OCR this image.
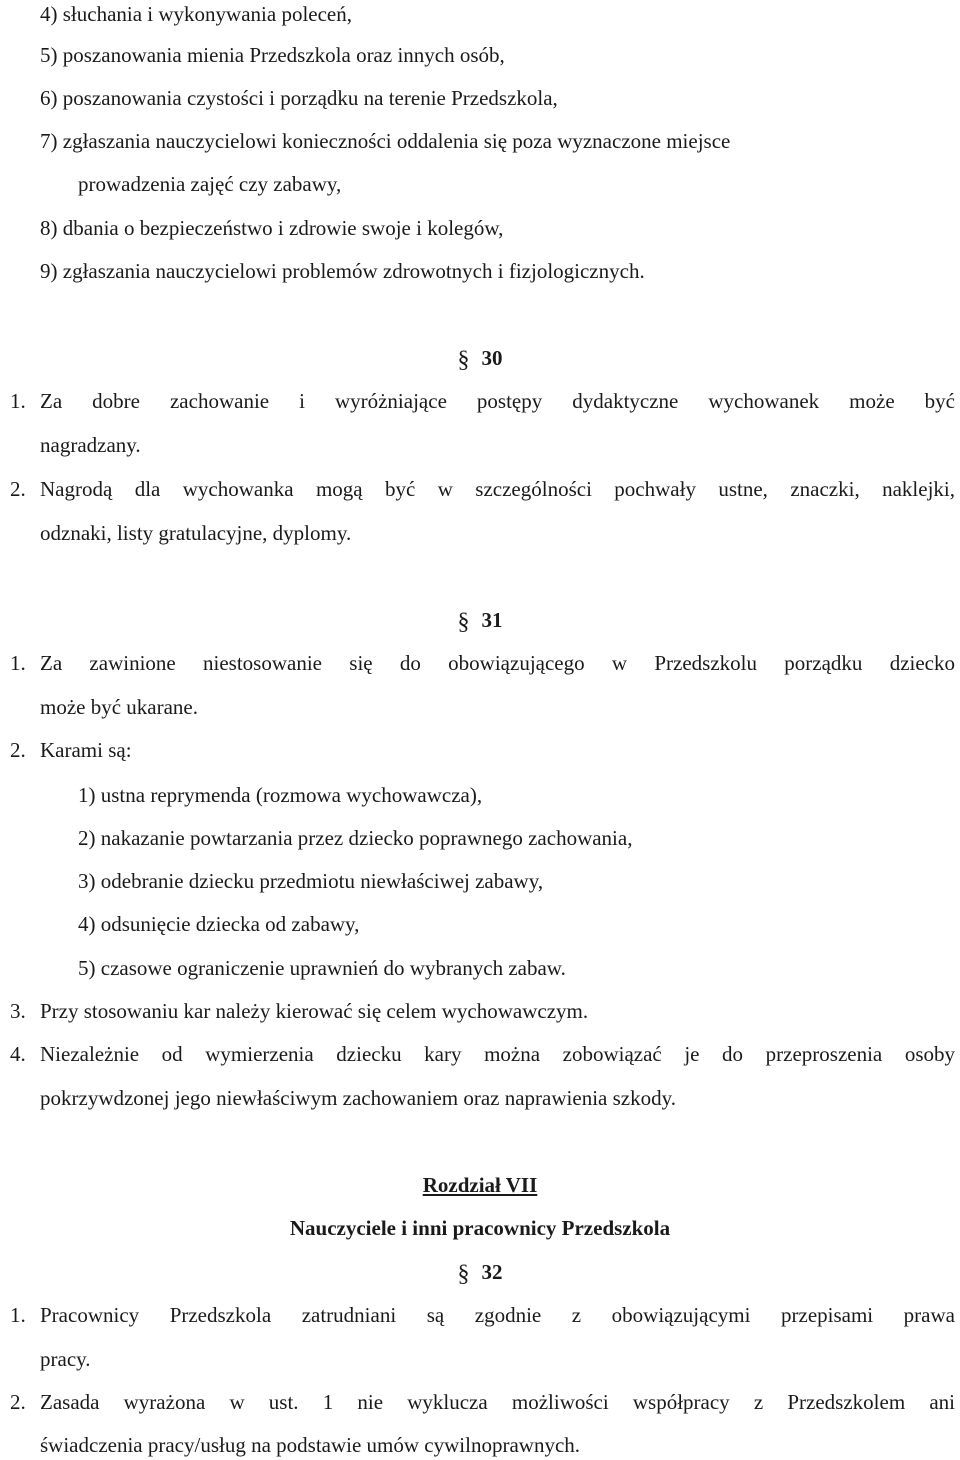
4) słuchania i wykonywania poleceń,
5) poszanowania mienia Przedszkola oraz innych osób,
6) poszanowania czystości i porządku na terenie Przedszkola,
7) zgłaszania nauczycielowi konieczności oddalenia się poza wyznaczone miejsce
prowadzenia zajęć czy zabawy,
8) dbania o bezpieczeństwo i zdrowie swoje i kolegów,
9) zgłaszania nauczycielowi problemów zdrowotnych i fizjologicznych.
§ 30
1. Za dobre zachowanie i wyróżniające postępy dydaktyczne wychowanek może być
nagradzany.
2. Nagrodą dla wychowanka mogą być w szczególności pochwały ustne, znaczki, naklejki,
odznaki, listy gratulacyjne, dyplomy.
§ 31
1. Za zawinione niestosowanie się do obowiązującego w Przedszkolu porządku dziecko
może być ukarane.
2. Karami są:
1) ustna reprymenda (rozmowa wychowawcza),
2) nakazanie powtarzania przez dziecko poprawnego zachowania,
3) odebranie dziecku przedmiotu niewłaściwej zabawy,
4) odsunięcie dziecka od zabawy,
5) czasowe ograniczenie uprawnień do wybranych zabaw.
3. Przy stosowaniu kar należy kierować się celem wychowawczym.
4. Niezależnie od wymierzenia dziecku kary można zobowiązać je do przeproszenia osoby
pokrzywdzonej jego niewłaściwym zachowaniem oraz naprawienia szkody.
Rozdział VII
Nauczyciele i inni pracownicy Przedszkola
§ 32
1. Pracownicy Przedszkola zatrudniani są zgodnie z obowiązującymi przepisami prawa
pracy.
2. Zasada wyrażona w ust. 1 nie wyklucza możliwości współpracy z Przedszkolem ani
świadczenia pracy/usług na podstawie umów cywilnoprawnych.
